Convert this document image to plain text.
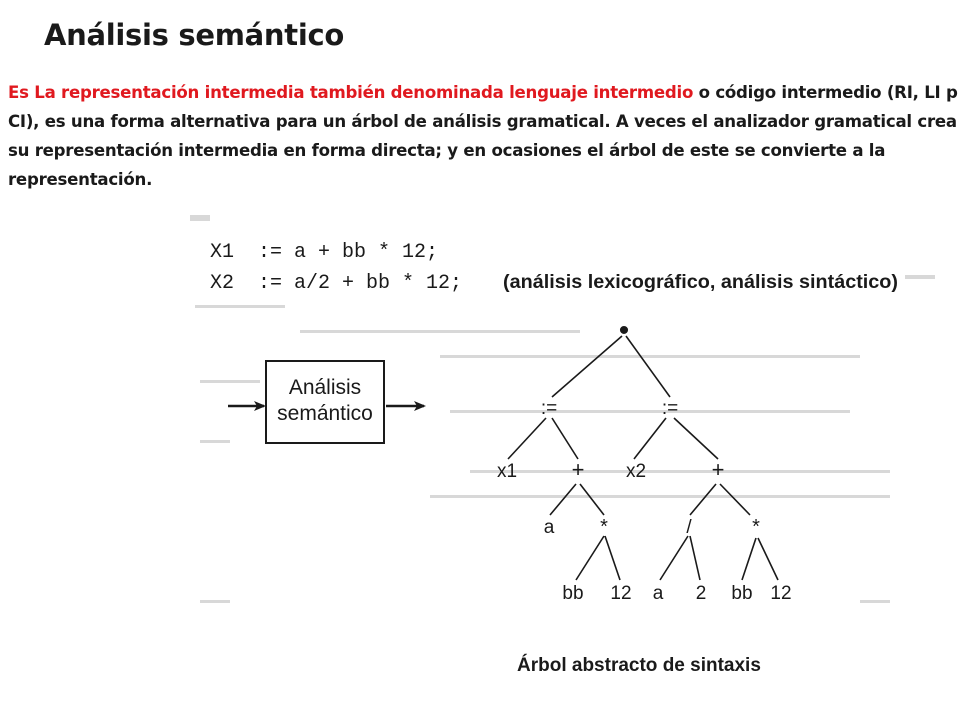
Análisis semántico

Es La representación intermedia también denominada lenguaje intermedio o código intermedio (RI, LI p CI), es una forma alternativa para un árbol de análisis gramatical. A veces el analizador gramatical crea su representación intermedia en forma directa; y en ocasiones el árbol de este se convierte a la representación.

X1  := a + bb * 12;
X2  := a/2 + bb * 12; (análisis lexicográfico, análisis sintáctico)
Análisis
semántico
•
:=	:=
x1 + x2	+
a *	/	*
bb 12 a 2 bb 12
Árbol abstracto de sintaxis
